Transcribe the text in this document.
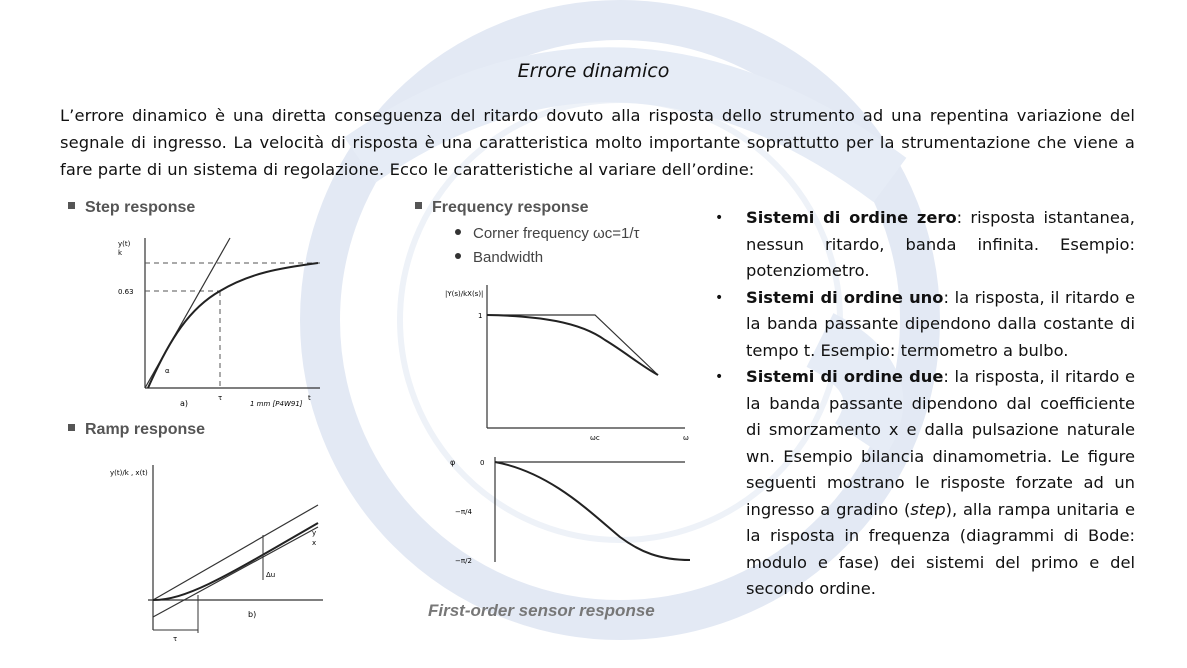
Errore dinamico
L’errore dinamico è una diretta conseguenza del ritardo dovuto alla risposta dello strumento ad una repentina variazione del segnale di ingresso. La velocità di risposta è una caratteristica molto importante soprattutto per la strumentazione che viene a fare parte di un sistema di regolazione. Ecco le caratteristiche al variare dell’ordine:
Step response
y(t)
k
0.63
τ	t
a)	1 mm [P4W91]
α
Ramp response
y(t)/k , x(t)
b)
τ
y
x
Δu
Frequency response
Corner frequency ωc=1/τ
Bandwidth
|Y(s)/kX(s)|
1
ωc	ω
φ	0
−π/4
−π/2
First-order sensor response
• Sistemi di ordine zero: risposta istantanea, nessun ritardo, banda infinita. Esempio: potenziometro.
• Sistemi di ordine uno: la risposta, il ritardo e la banda passante dipendono dalla costante di tempo t. Esempio: termometro a bulbo.
• Sistemi di ordine due: la risposta, il ritardo e la banda passante dipendono dal coefficiente di smorzamento x e dalla pulsazione naturale wn. Esempio bilancia dinamometria. Le figure seguenti mostrano le risposte forzate ad un ingresso a gradino (step), alla rampa unitaria e la risposta in frequenza (diagrammi di Bode: modulo e fase) dei sistemi del primo e del secondo ordine.
